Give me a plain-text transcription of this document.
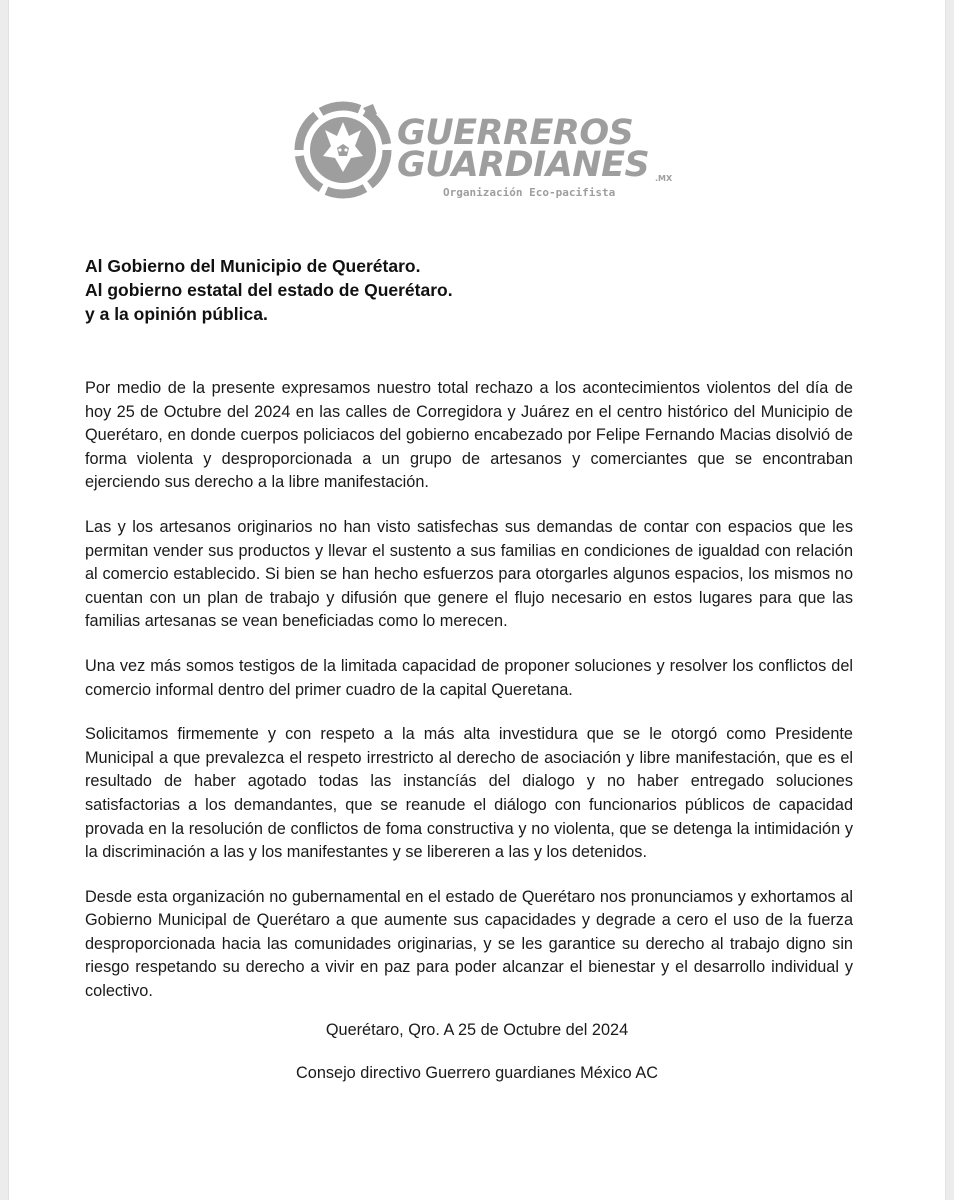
GUERREROS
GUARDIANES .MX
Organización Eco-pacifista
Al Gobierno del Municipio de Querétaro.
Al gobierno estatal del estado de Querétaro.
y a la opinión pública.

Por medio de la presente expresamos nuestro total rechazo a los acontecimientos violentos del día de hoy 25 de Octubre del 2024 en las calles de Corregidora y Juárez en el centro histórico del Municipio de Querétaro, en donde cuerpos policiacos del gobierno encabezado por Felipe Fernando Macias disolvió de forma violenta y desproporcionada a un grupo de artesanos y comerciantes que se encontraban ejerciendo sus derecho a la libre manifestación.

Las y los artesanos originarios no han visto satisfechas sus demandas de contar con espacios que les permitan vender sus productos y llevar el sustento a sus familias en condiciones de igualdad con relación al comercio establecido. Si bien se han hecho esfuerzos para otorgarles algunos espacios, los mismos no cuentan con un plan de trabajo y difusión que genere el flujo necesario en estos lugares para que las familias artesanas se vean beneficiadas como lo merecen.

Una vez más somos testigos de la limitada capacidad de proponer soluciones y resolver los conflictos del comercio informal dentro del primer cuadro de la capital Queretana.

Solicitamos firmemente y con respeto a la más alta investidura que se le otorgó como Presidente Municipal a que prevalezca el respeto irrestricto al derecho de asociación y libre manifestación, que es el resultado de haber agotado todas las instancíás del dialogo y no haber entregado soluciones satisfactorias a los demandantes, que se reanude el diálogo con funcionarios públicos de capacidad provada en la resolución de conflictos de foma constructiva y no violenta, que se detenga la intimidación y la discriminación a las y los manifestantes y se libereren a las y los detenidos.

Desde esta organización no gubernamental en el estado de Querétaro nos pronunciamos y exhortamos al Gobierno Municipal de Querétaro a que aumente sus capacidades y degrade a cero el uso de la fuerza desproporcionada hacia las comunidades originarias, y se les garantice su derecho al trabajo digno sin riesgo respetando su derecho a vivir en paz para poder alcanzar el bienestar y el desarrollo individual y colectivo.

Querétaro, Qro. A 25 de Octubre del 2024
Consejo directivo Guerrero guardianes México AC
